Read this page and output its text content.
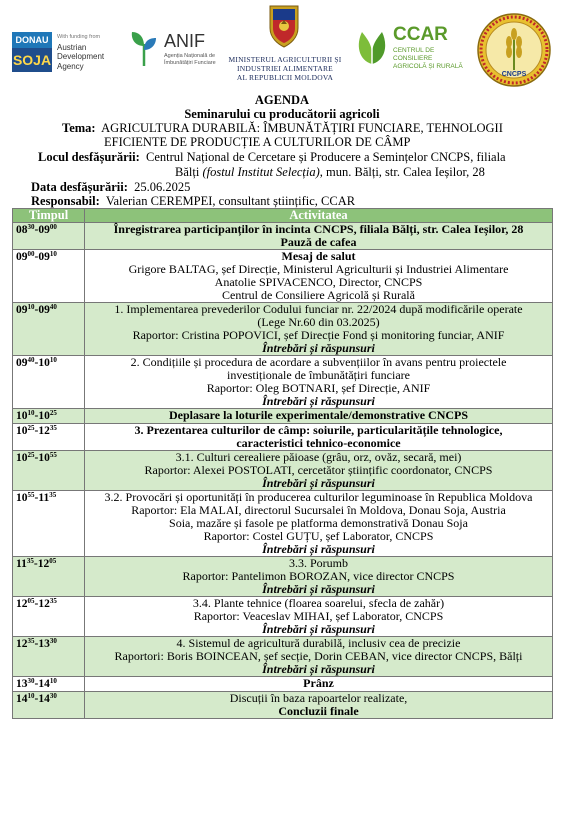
DONAU
SOJA
With funding from
Austrian
Development
Agency
ANIF
Agenția Națională de Îmbunătățiri Funciare	MINISTERUL AGRICULTURII ȘI
INDUSTRIEI ALIMENTARE
AL REPUBLICII MOLDOVA
CCAR
CENTRUL DE CONSILIERE
AGRICOLĂ ȘI RURALĂ
CNCPS
AGENDA
Seminarului cu producătorii agricoli
Tema: AGRICULTURA DURABILĂ: ÎMBUNĂTĂȚIRI FUNCIARE, TEHNOLOGII
EFICIENTE DE PRODUCȚIE A CULTURILOR DE CÂMP
Locul desfășurării: Centrul Național de Cercetare și Producere a Semințelor CNCPS, filiala
Bălți (fostul Institut Selecția), mun. Bălți, str. Calea Ieșilor, 28
Data desfășurării: 25.06.2025
Responsabil: Valerian CEREMPEI, consultant științific, CCAR
Timpul	Activitatea
$08^{30}-09^{00}$	Înregistrarea participanților în incinta CNCPS, filiala Bălți, str. Calea Ieșilor, 28
Pauză de cafea

$09^{00}-09^{10}$	Mesaj de salut
Grigore BALTAG, șef Direcție, Ministerul Agriculturii și Industriei Alimentare
Anatolie SPIVACENCO, Director, CNCPS
Centrul de Consiliere Agricolă și Rurală

$09^{10}-09^{40}$	1. Implementarea prevederilor Codului funciar nr. 22/2024 după modificările operate
(Lege Nr.60 din 03.2025)
Raportor: Cristina POPOVICI, șef Direcție Fond și monitoring funciar, ANIF
Întrebări și răspunsuri

$09^{40}-10^{10}$	2. Condițiile și procedura de acordare a subvențiilor în avans pentru proiectele
investiționale de îmbunătățiri funciare
Raportor: Oleg BOTNARI, șef Direcție, ANIF
Întrebări și răspunsuri

$10^{10}-10^{25}$	Deplasare la loturile experimentale/demonstrative CNCPS

$10^{25}-12^{35}$	3. Prezentarea culturilor de câmp: soiurile, particularitățile tehnologice,
caracteristici tehnico-economice

$10^{25}-10^{55}$	3.1. Culturi cerealiere păioase (grâu, orz, ovăz, secară, mei)
Raportor: Alexei POSTOLATI, cercetător științific coordonator, CNCPS
Întrebări și răspunsuri

$10^{55}-11^{35}$	3.2. Provocări și oportunități în producerea culturilor leguminoase în Republica Moldova
Raportor: Ela MALAI, directorul Sucursalei în Moldova, Donau Soja, Austria
Soia, mazăre și fasole pe platforma demonstrativă Donau Soja
Raportor: Costel GUȚU, șef Laborator, CNCPS
Întrebări și răspunsuri

$11^{35}-12^{05}$	3.3. Porumb
Raportor: Pantelimon BOROZAN, vice director CNCPS
Întrebări și răspunsuri

$12^{05}-12^{35}$	3.4. Plante tehnice (floarea soarelui, sfecla de zahăr)
Raportor: Veaceslav MIHAI, șef Laborator, CNCPS
Întrebări și răspunsuri

$12^{35}-13^{30}$	4. Sistemul de agricultură durabilă, inclusiv cea de precizie
Raportori: Boris BOINCEAN, șef secție, Dorin CEBAN, vice director CNCPS, Bălți
Întrebări și răspunsuri

$13^{30}-14^{10}$	Prânz

$14^{10}-14^{30}$	Discuții în baza rapoartelor realizate,
Concluzii finale
